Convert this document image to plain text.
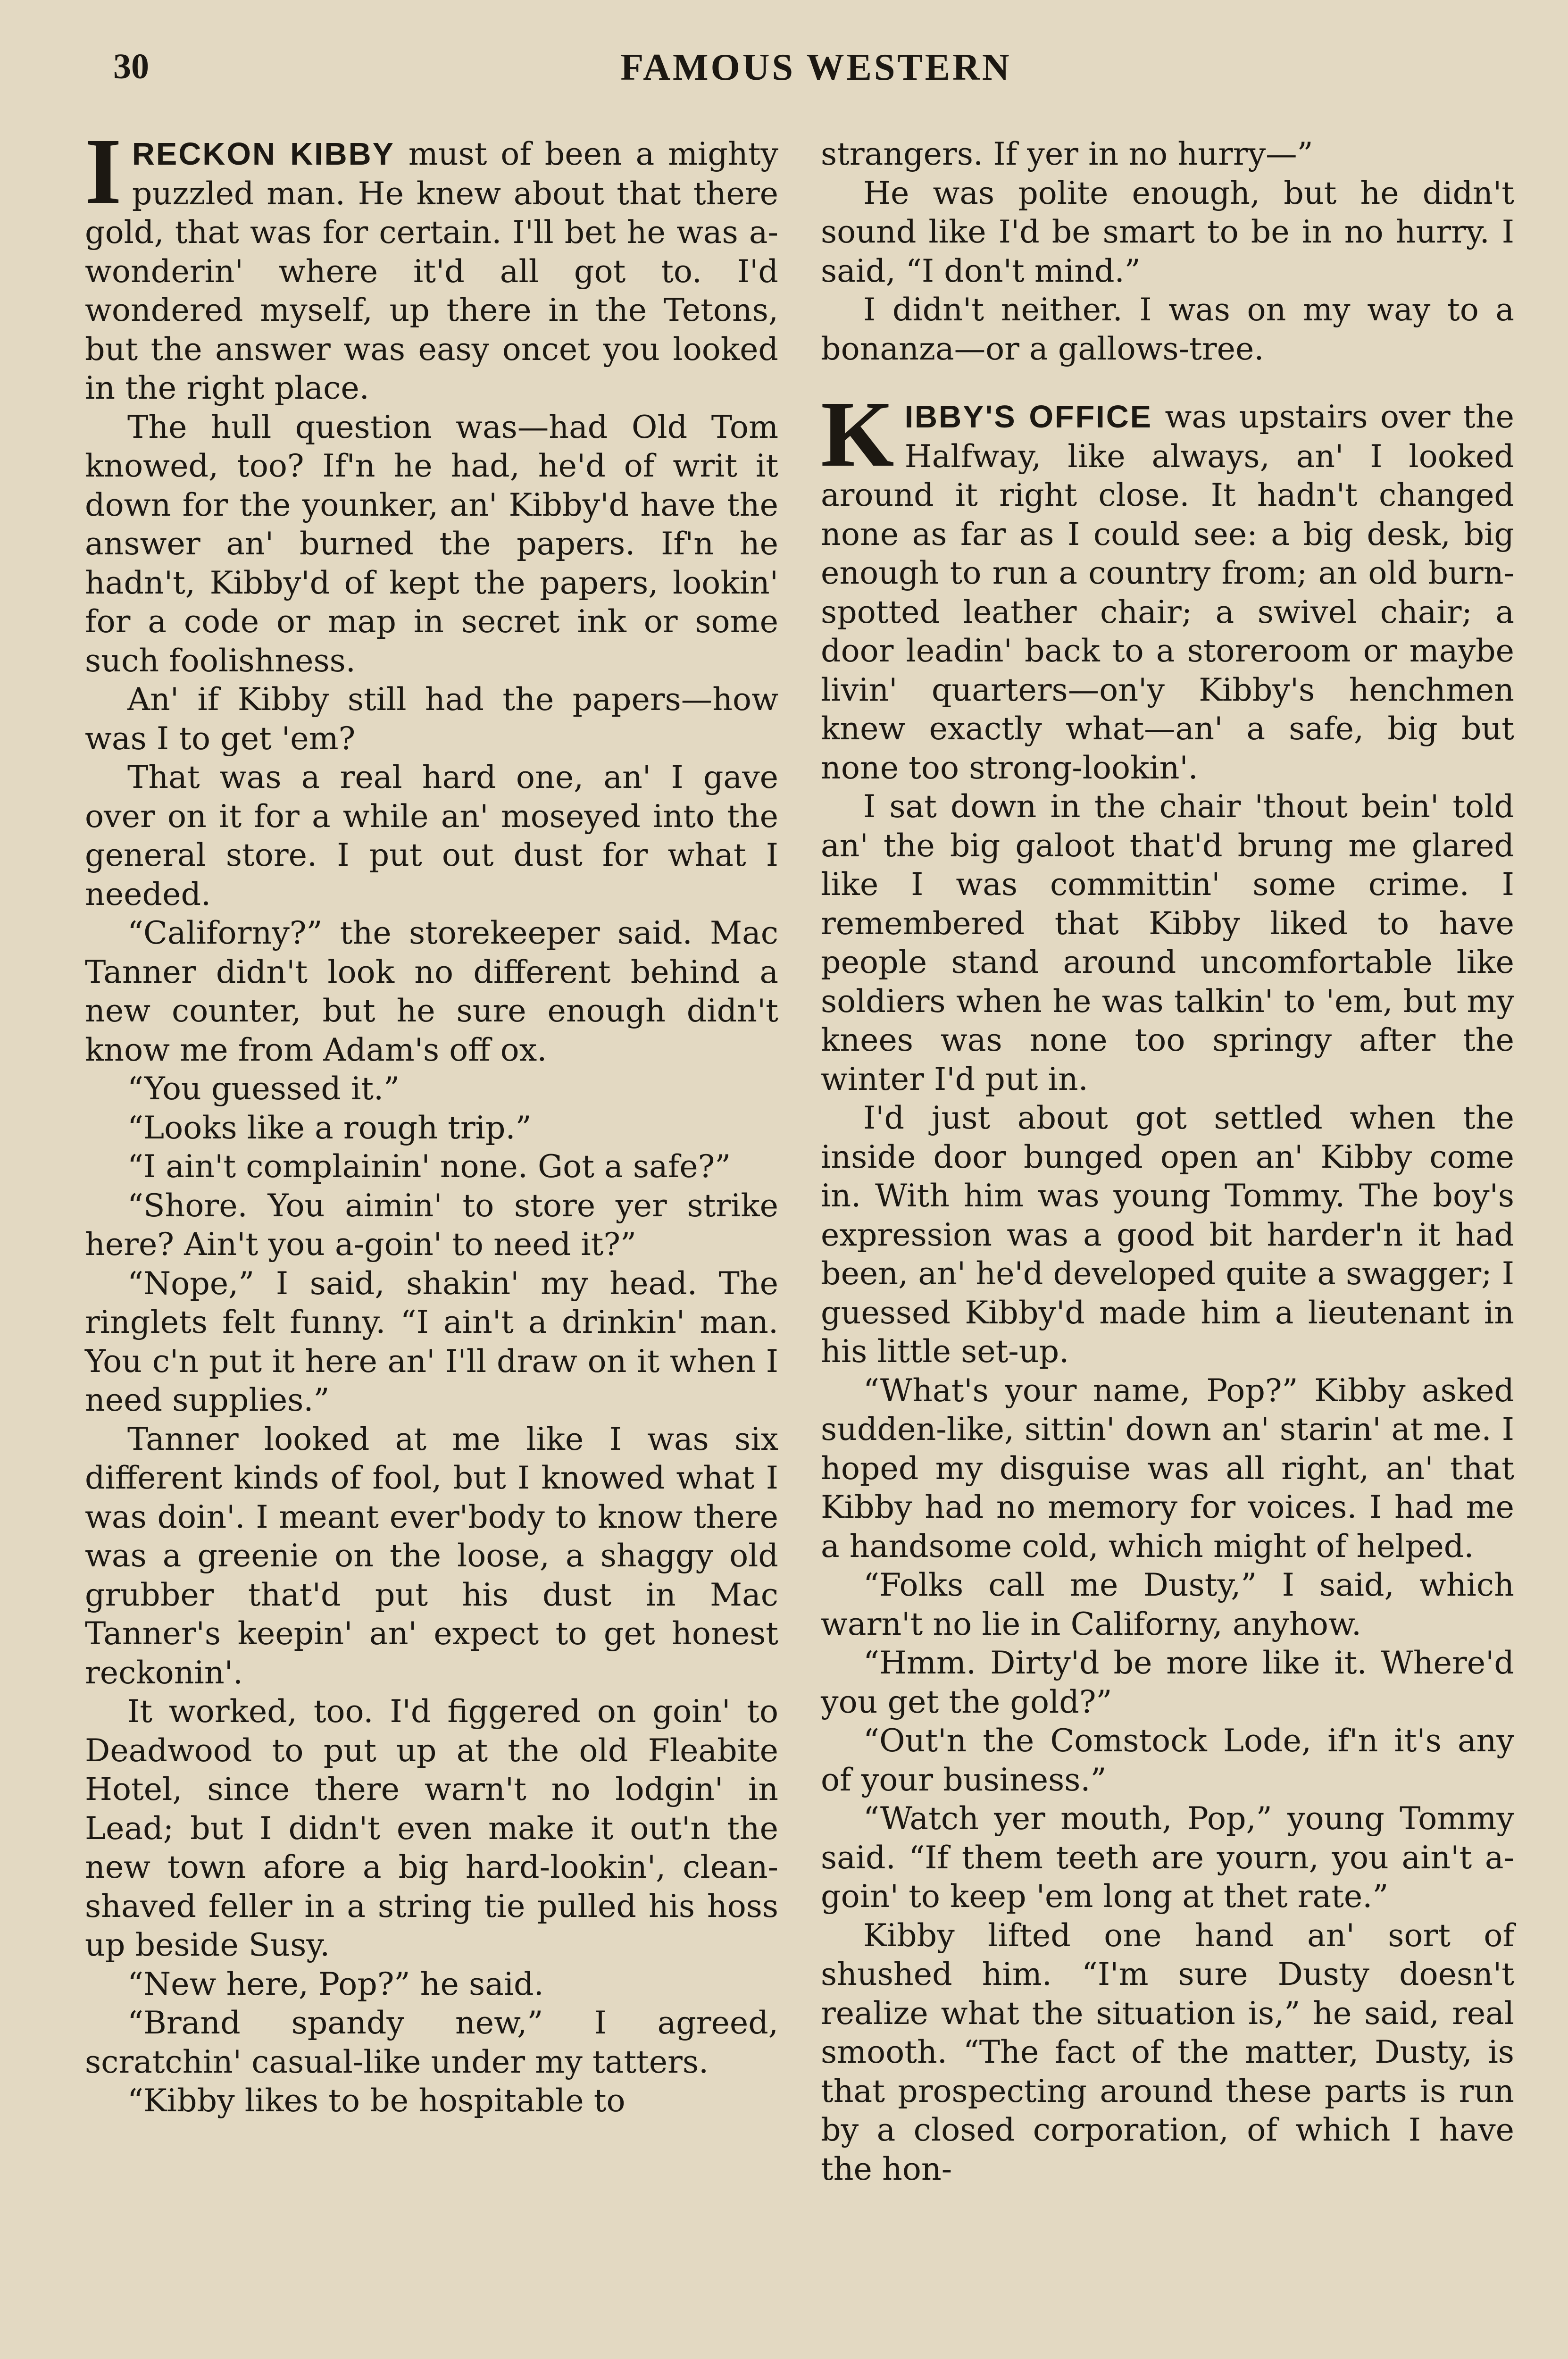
30	FAMOUS WESTERN

IRECKON KIBBY must of been a mighty puzzled man. He knew about that there gold, that was for certain. I'll bet he was a-wonderin' where it'd all got to. I'd wondered myself, up there in the Tetons, but the answer was easy oncet you looked in the right place.

The hull question was—had Old Tom knowed, too? If'n he had, he'd of writ it down for the younker, an' Kibby'd have the answer an' burned the papers. If'n he hadn't, Kibby'd of kept the papers, lookin' for a code or map in secret ink or some such foolishness.

An' if Kibby still had the papers—how was I to get 'em?

That was a real hard one, an' I gave over on it for a while an' moseyed into the general store. I put out dust for what I needed.

“Californy?” the storekeeper said. Mac Tanner didn't look no different behind a new counter, but he sure enough didn't know me from Adam's off ox.

“You guessed it.”

“Looks like a rough trip.”

“I ain't complainin' none. Got a safe?”

“Shore. You aimin' to store yer strike here? Ain't you a-goin' to need it?”

“Nope,” I said, shakin' my head. The ringlets felt funny. “I ain't a drinkin' man. You c'n put it here an' I'll draw on it when I need supplies.”

Tanner looked at me like I was six different kinds of fool, but I knowed what I was doin'. I meant ever'body to know there was a greenie on the loose, a shaggy old grubber that'd put his dust in Mac Tanner's keepin' an' expect to get honest reckonin'.

It worked, too. I'd figgered on goin' to Deadwood to put up at the old Fleabite Hotel, since there warn't no lodgin' in Lead; but I didn't even make it out'n the new town afore a big hard-lookin', clean-shaved feller in a string tie pulled his hoss up beside Susy.

“New here, Pop?” he said.

“Brand spandy new,” I agreed, scratchin' casual-like under my tatters.

“Kibby likes to be hospitable to

strangers. If yer in no hurry—”

He was polite enough, but he didn't sound like I'd be smart to be in no hurry. I said, “I don't mind.”

I didn't neither. I was on my way to a bonanza—or a gallows-tree.

KIBBY'S OFFICE was upstairs over the Halfway, like always, an' I looked around it right close. It hadn't changed none as far as I could see: a big desk, big enough to run a country from; an old burn-spotted leather chair; a swivel chair; a door leadin' back to a storeroom or maybe livin' quarters—on'y Kibby's henchmen knew exactly what—an' a safe, big but none too strong-lookin'.

I sat down in the chair 'thout bein' told an' the big galoot that'd brung me glared like I was committin' some crime. I remembered that Kibby liked to have people stand around uncomfortable like soldiers when he was talkin' to 'em, but my knees was none too springy after the winter I'd put in.

I'd just about got settled when the inside door bunged open an' Kibby come in. With him was young Tommy. The boy's expression was a good bit harder'n it had been, an' he'd developed quite a swagger; I guessed Kibby'd made him a lieutenant in his little set-up.

“What's your name, Pop?” Kibby asked sudden-like, sittin' down an' starin' at me. I hoped my disguise was all right, an' that Kibby had no memory for voices. I had me a handsome cold, which might of helped.

“Folks call me Dusty,” I said, which warn't no lie in Californy, anyhow.

“Hmm. Dirty'd be more like it. Where'd you get the gold?”

“Out'n the Comstock Lode, if'n it's any of your business.”

“Watch yer mouth, Pop,” young Tommy said. “If them teeth are yourn, you ain't a-goin' to keep 'em long at thet rate.”

Kibby lifted one hand an' sort of shushed him. “I'm sure Dusty doesn't realize what the situation is,” he said, real smooth. “The fact of the matter, Dusty, is that prospecting around these parts is run by a closed corporation, of which I have the hon-
